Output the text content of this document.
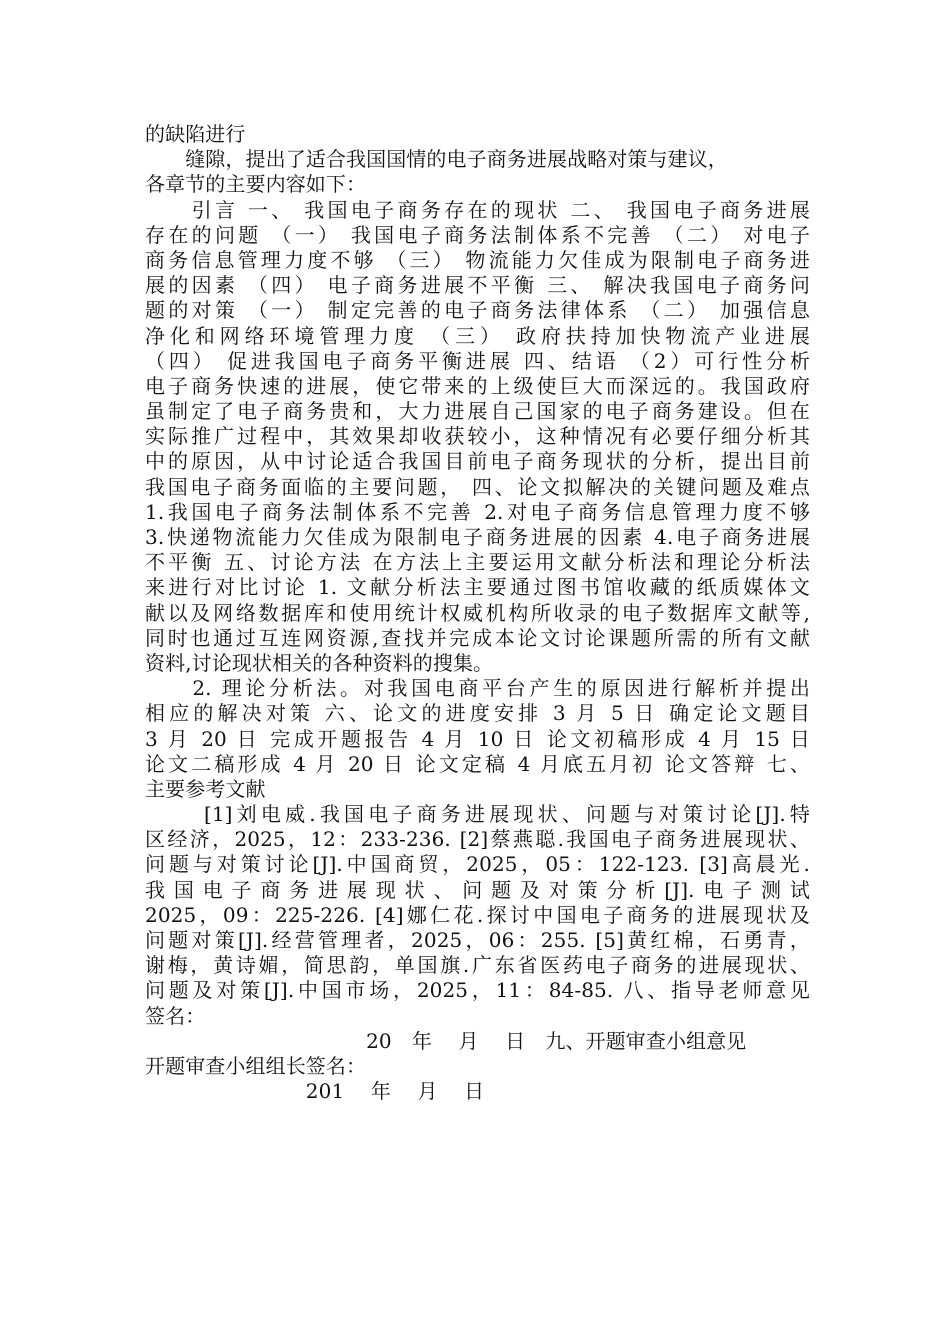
的缺陷进行
　　缝隙，提出了适合我国国情的电子商务进展战略对策与建议，
各章节的主要内容如下：
　　引言 一、 我国电子商务存在的现状 二、 我国电子商务进展
存在的问题 （一） 我国电子商务法制体系不完善 （二） 对电子
商务信息管理力度不够 （三） 物流能力欠佳成为限制电子商务进
展的因素 （四） 电子商务进展不平衡 三、 解决我国电子商务问
题的对策 （一） 制定完善的电子商务法律体系 （二） 加强信息
净化和网络环境管理力度 （三） 政府扶持加快物流产业进展
（四） 促进我国电子商务平衡进展 四、结语 （2）可行性分析
电子商务快速的进展，使它带来的上级使巨大而深远的。我国政府
虽制定了电子商务贵和，大力进展自己国家的电子商务建设。但在
实际推广过程中，其效果却收获较小，这种情况有必要仔细分析其
中的原因，从中讨论适合我国目前电子商务现状的分析，提出目前
我国电子商务面临的主要问题， 四、论文拟解决的关键问题及难点
1.我国电子商务法制体系不完善 2.对电子商务信息管理力度不够
3.快递物流能力欠佳成为限制电子商务进展的因素 4.电子商务进展
不平衡 五、讨论方法 在方法上主要运用文献分析法和理论分析法
来进行对比讨论 1. 文献分析法主要通过图书馆收藏的纸质媒体文
献以及网络数据库和使用统计权威机构所收录的电子数据库文献等,
同时也通过互连网资源,查找并完成本论文讨论课题所需的所有文献
资料,讨论现状相关的各种资料的搜集。
　　2. 理论分析法。对我国电商平台产生的原因进行解析并提出
相应的解决对策 六、论文的进度安排 3 月 5 日 确定论文题目
3 月 20 日 完成开题报告 4 月 10 日 论文初稿形成 4 月 15 日
论文二稿形成 4 月 20 日 论文定稿 4 月底五月初 论文答辩 七、
主要参考文献
　　 [1]刘电威.我国电子商务进展现状、问题与对策讨论[J].特
区经济，2025，12：233-236. [2]蔡燕聪.我国电子商务进展现状、
问题与对策讨论[J].中国商贸，2025，05：122-123. [3]高晨光.
我国电子商务进展现状、问题及对策分析[J].电子测试
2025，09：225-226. [4]娜仁花.探讨中国电子商务的进展现状及
问题对策[J].经营管理者，2025，06：255. [5]黄红棉，石勇青，
谢梅，黄诗媚，简思韵，单国旗.广东省医药电子商务的进展现状、
问题及对策[J].中国市场，2025，11：84-85. 八、指导老师意见
签名：
　　　　　　　　　　　20　年　 月　 日　九、开题审查小组意见
开题审查小组组长签名：
　　　　　　　　201　 年　 月　 日
